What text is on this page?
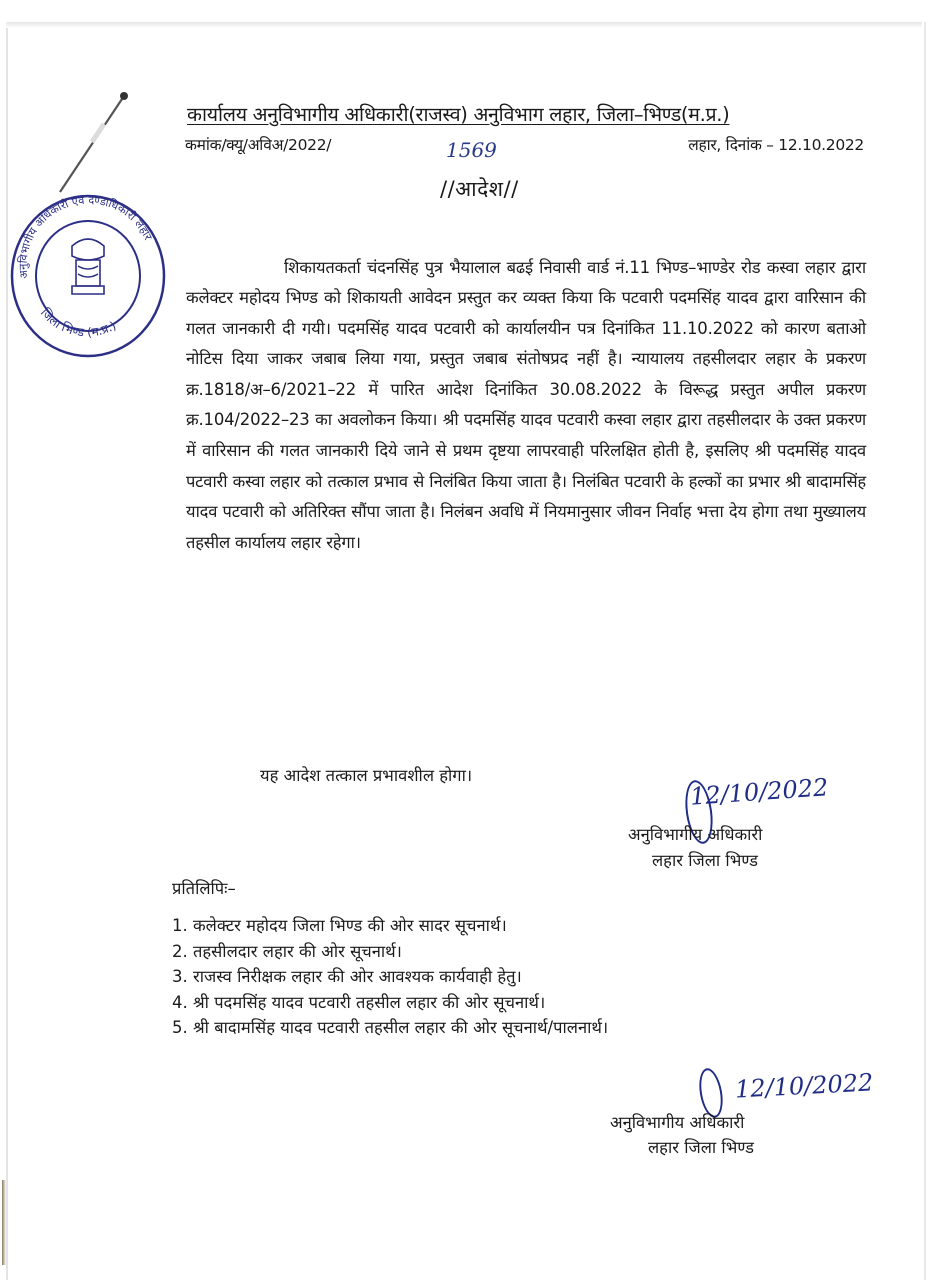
अनुविभागीय अधिकारी एवं दण्डाधिकारी लहार
जिला भिण्ड (म.प्र.)
कार्यालय अनुविभागीय अधिकारी(राजस्व) अनुविभाग लहार, जिला–भिण्ड(म.प्र.)
कमांक/क्यू/अविअ/2022/	1569	लहार, दिनांक – 12.10.2022
//आदेश//

शिकायतकर्ता चंदनसिंह पुत्र भैयालाल बढई निवासी वार्ड नं.11 भिण्ड–भाण्डेर रोड कस्वा लहार द्वारा कलेक्टर महोदय भिण्ड को शिकायती आवेदन प्रस्तुत कर व्यक्त किया कि पटवारी पदमसिंह यादव द्वारा वारिसान की गलत जानकारी दी गयी। पदमसिंह यादव पटवारी को कार्यालयीन पत्र दिनांकित 11.10.2022 को कारण बताओ नोटिस दिया जाकर जबाब लिया गया, प्रस्तुत जबाब संतोषप्रद नहीं है। न्यायालय तहसीलदार लहार के प्रकरण क्र.1818/अ–6/2021–22 में पारित आदेश दिनांकित 30.08.2022 के विरूद्ध प्रस्तुत अपील प्रकरण क्र.104/2022–23 का अवलोकन किया। श्री पदमसिंह यादव पटवारी कस्वा लहार द्वारा तहसीलदार के उक्त प्रकरण में वारिसान की गलत जानकारी दिये जाने से प्रथम दृष्टया लापरवाही परिलक्षित होती है, इसलिए श्री पदमसिंह यादव पटवारी कस्वा लहार को तत्काल प्रभाव से निलंबित किया जाता है। निलंबित पटवारी के हल्कों का प्रभार श्री बादामसिंह यादव पटवारी को अतिरिक्त सौंपा जाता है। निलंबन अवधि में नियमानुसार जीवन निर्वाह भत्ता देय होगा तथा मुख्यालय तहसील कार्यालय लहार रहेगा।

यह आदेश तत्काल प्रभावशील होगा।	12/10/2022
अनुविभागीय अधिकारी
लहार जिला भिण्ड
प्रतिलिपिः–
1. कलेक्टर महोदय जिला भिण्ड की ओर सादर सूचनार्थ।
2. तहसीलदार लहार की ओर सूचनार्थ।
3. राजस्व निरीक्षक लहार की ओर आवश्यक कार्यवाही हेतु।
4. श्री पदमसिंह यादव पटवारी तहसील लहार की ओर सूचनार्थ।
5. श्री बादामसिंह यादव पटवारी तहसील लहार की ओर सूचनार्थ/पालनार्थ।
12/10/2022
अनुविभागीय अधिकारी
लहार जिला भिण्ड
